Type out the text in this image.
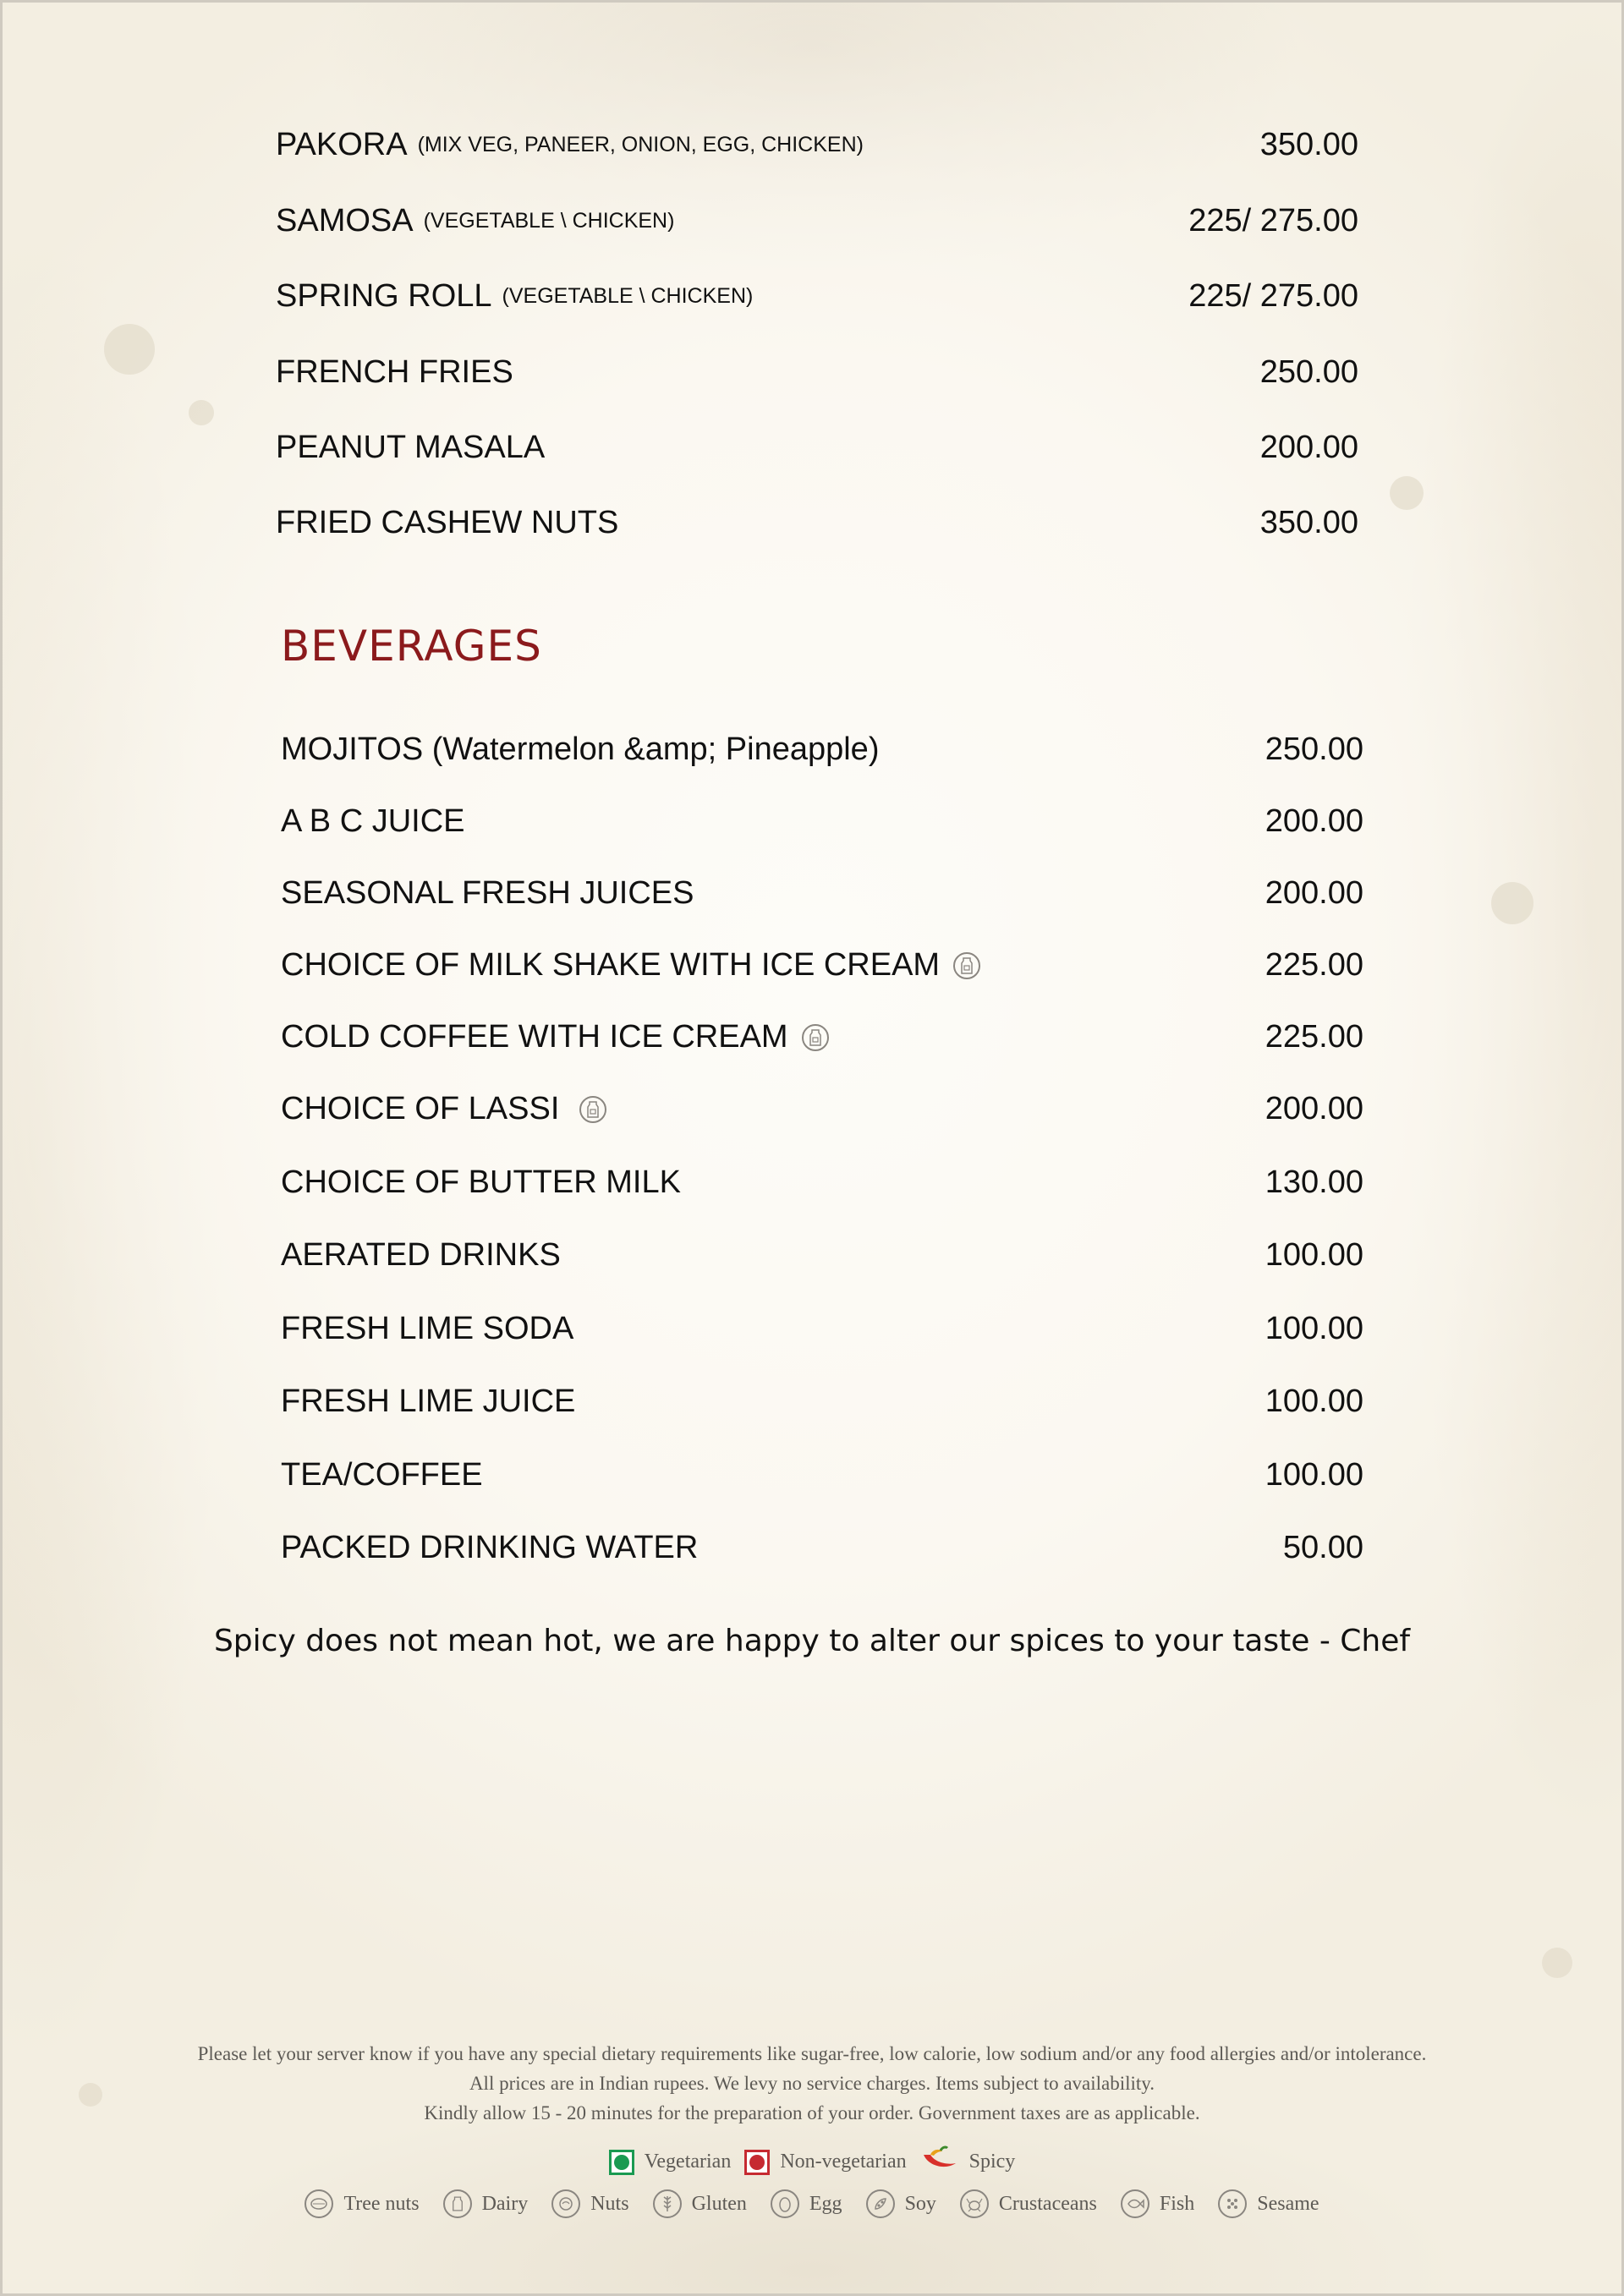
PAKORA (MIX VEG, PANEER, ONION, EGG, CHICKEN)	350.00
SAMOSA (VEGETABLE \ CHICKEN)	225/ 275.00
SPRING ROLL (VEGETABLE \ CHICKEN)	225/ 275.00
FRENCH FRIES	250.00
PEANUT MASALA	200.00
FRIED CASHEW NUTS	350.00
BEVERAGES
MOJITOS (Watermelon &amp; Pineapple)	250.00
A B C JUICE	200.00
SEASONAL FRESH JUICES	200.00
CHOICE OF MILK SHAKE WITH ICE CREAM	225.00
COLD COFFEE WITH ICE CREAM	225.00
CHOICE OF LASSI	200.00
CHOICE OF BUTTER MILK	130.00
AERATED DRINKS	100.00
FRESH LIME SODA	100.00
FRESH LIME JUICE	100.00
TEA/COFFEE	100.00
PACKED DRINKING WATER	50.00
Spicy does not mean hot, we are happy to alter our spices to your taste - Chef
Please let your server know if you have any special dietary requirements like sugar-free, low calorie, low sodium and/or any food allergies and/or intolerance.
All prices are in Indian rupees. We levy no service charges. Items subject to availability.
Kindly allow 15 - 20 minutes for the preparation of your order. Government taxes are as applicable.
Vegetarian Non-vegetarian	Spicy
Tree nuts	Dairy	Nuts	Gluten	Egg	Soy	Crustaceans	Fish	Sesame
